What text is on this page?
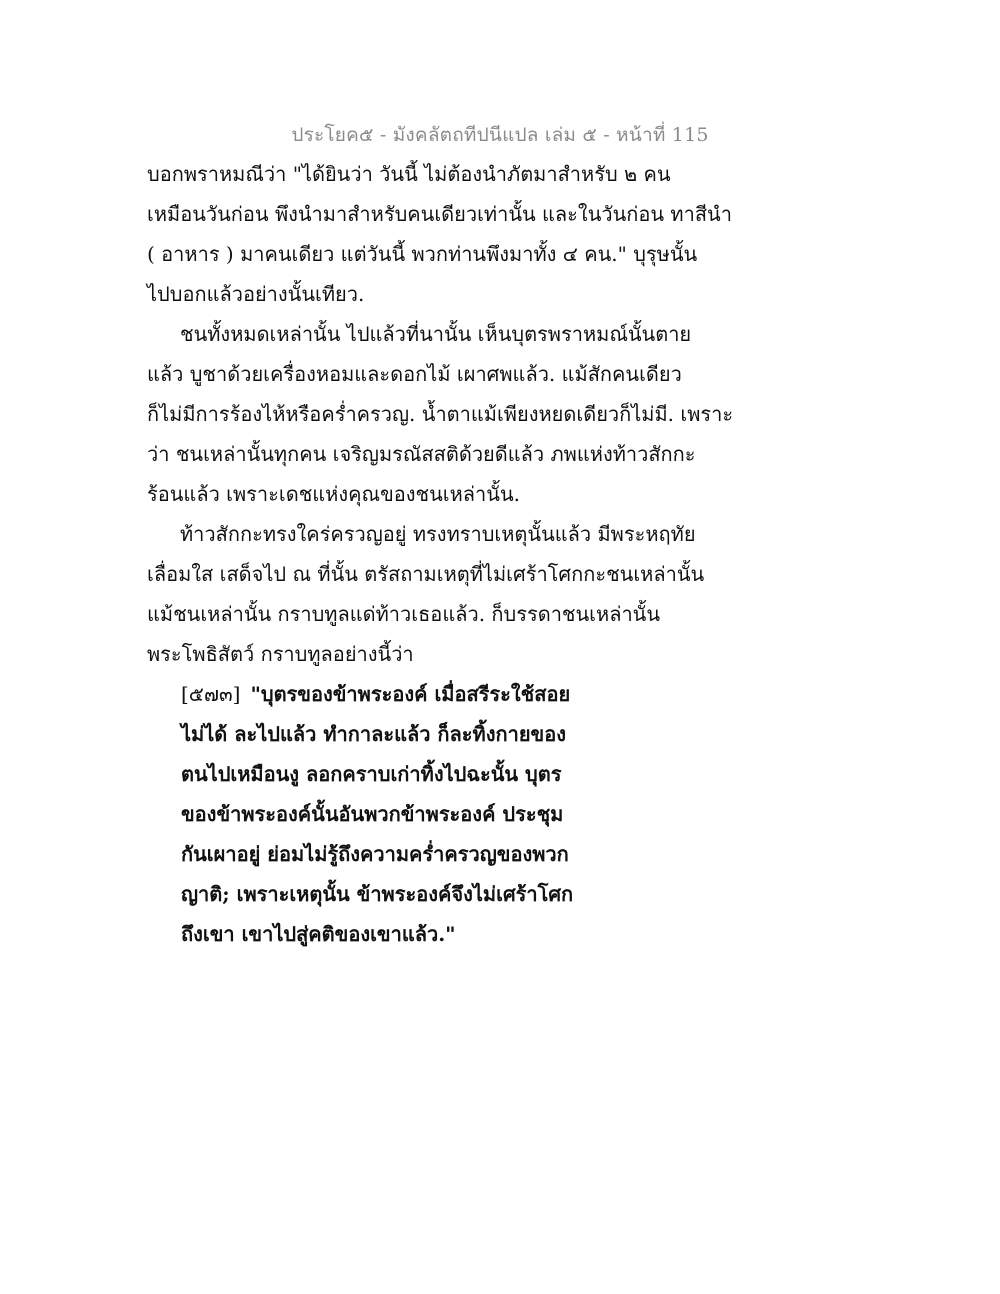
ประโยค๕ - มังคลัตถทีปนีแปล เล่ม ๕ - หน้าที่ 115
บอกพราหมณีว่า "ได้ยินว่า วันนี้ ไม่ต้องนำภัตมาสำหรับ ๒ คน
เหมือนวันก่อน พึงนำมาสำหรับคนเดียวเท่านั้น และในวันก่อน ทาสีนำ
( อาหาร ) มาคนเดียว แต่วันนี้ พวกท่านพึงมาทั้ง ๔ คน." บุรุษนั้น
ไปบอกแล้วอย่างนั้นเทียว.
ชนทั้งหมดเหล่านั้น ไปแล้วที่นานั้น เห็นบุตรพราหมณ์นั้นตาย
แล้ว บูชาด้วยเครื่องหอมและดอกไม้ เผาศพแล้ว. แม้สักคนเดียว
ก็ไม่มีการร้องไห้หรือคร่ำครวญ. น้ำตาแม้เพียงหยดเดียวก็ไม่มี. เพราะ
ว่า ชนเหล่านั้นทุกคน เจริญมรณัสสติด้วยดีแล้ว ภพแห่งท้าวสักกะ
ร้อนแล้ว เพราะเดชแห่งคุณของชนเหล่านั้น.
ท้าวสักกะทรงใคร่ครวญอยู่ ทรงทราบเหตุนั้นแล้ว มีพระหฤทัย
เลื่อมใส เสด็จไป ณ ที่นั้น ตรัสถามเหตุที่ไม่เศร้าโศกกะชนเหล่านั้น
แม้ชนเหล่านั้น กราบทูลแด่ท้าวเธอแล้ว. ก็บรรดาชนเหล่านั้น
พระโพธิสัตว์ กราบทูลอย่างนี้ว่า
[๕๗๓] "บุตรของข้าพระองค์ เมื่อสรีระใช้สอย
ไม่ได้ ละไปแล้ว ทำกาละแล้ว ก็ละทิ้งกายของ
ตนไปเหมือนงู ลอกคราบเก่าทิ้งไปฉะนั้น บุตร
ของข้าพระองค์นั้นอันพวกข้าพระองค์ ประชุม
กันเผาอยู่ ย่อมไม่รู้ถึงความคร่ำครวญของพวก
ญาติ; เพราะเหตุนั้น ข้าพระองค์จึงไม่เศร้าโศก
ถึงเขา เขาไปสู่คติของเขาแล้ว."
